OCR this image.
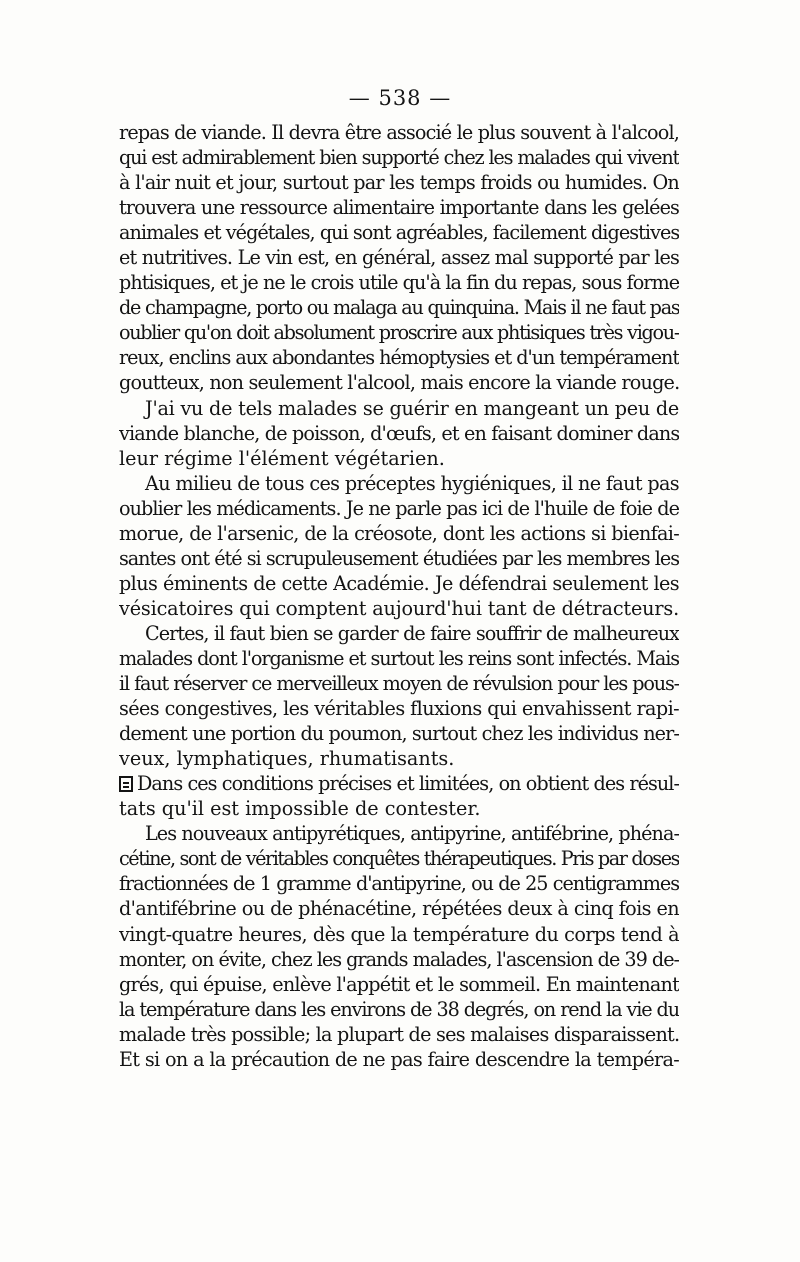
— 538 —
repas de viande. Il devra être associé le plus souvent à l'alcool,
qui est admirablement bien supporté chez les malades qui vivent
à l'air nuit et jour, surtout par les temps froids ou humides. On
trouvera une ressource alimentaire importante dans les gelées
animales et végétales, qui sont agréables, facilement digestives
et nutritives. Le vin est, en général, assez mal supporté par les
phtisiques, et je ne le crois utile qu'à la fin du repas, sous forme
de champagne, porto ou malaga au quinquina. Mais il ne faut pas
oublier qu'on doit absolument proscrire aux phtisiques très vigou-
reux, enclins aux abondantes hémoptysies et d'un tempérament
goutteux, non seulement l'alcool, mais encore la viande rouge.
J'ai vu de tels malades se guérir en mangeant un peu de
viande blanche, de poisson, d'œufs, et en faisant dominer dans
leur régime l'élément végétarien.
Au milieu de tous ces préceptes hygiéniques, il ne faut pas
oublier les médicaments. Je ne parle pas ici de l'huile de foie de
morue, de l'arsenic, de la créosote, dont les actions si bienfai-
santes ont été si scrupuleusement étudiées par les membres les
plus éminents de cette Académie. Je défendrai seulement les
vésicatoires qui comptent aujourd'hui tant de détracteurs.
Certes, il faut bien se garder de faire souffrir de malheureux
malades dont l'organisme et surtout les reins sont infectés. Mais
il faut réserver ce merveilleux moyen de révulsion pour les pous-
sées congestives, les véritables fluxions qui envahissent rapi-
dement une portion du poumon, surtout chez les individus ner-
veux, lymphatiques, rhumatisants.
Dans ces conditions précises et limitées, on obtient des résul-
tats qu'il est impossible de contester.
Les nouveaux antipyrétiques, antipyrine, antifébrine, phéna-
cétine, sont de véritables conquêtes thérapeutiques. Pris par doses
fractionnées de 1 gramme d'antipyrine, ou de 25 centigrammes
d'antifébrine ou de phénacétine, répétées deux à cinq fois en
vingt-quatre heures, dès que la température du corps tend à
monter, on évite, chez les grands malades, l'ascension de 39 de-
grés, qui épuise, enlève l'appétit et le sommeil. En maintenant
la température dans les environs de 38 degrés, on rend la vie du
malade très possible; la plupart de ses malaises disparaissent.
Et si on a la précaution de ne pas faire descendre la tempéra-
